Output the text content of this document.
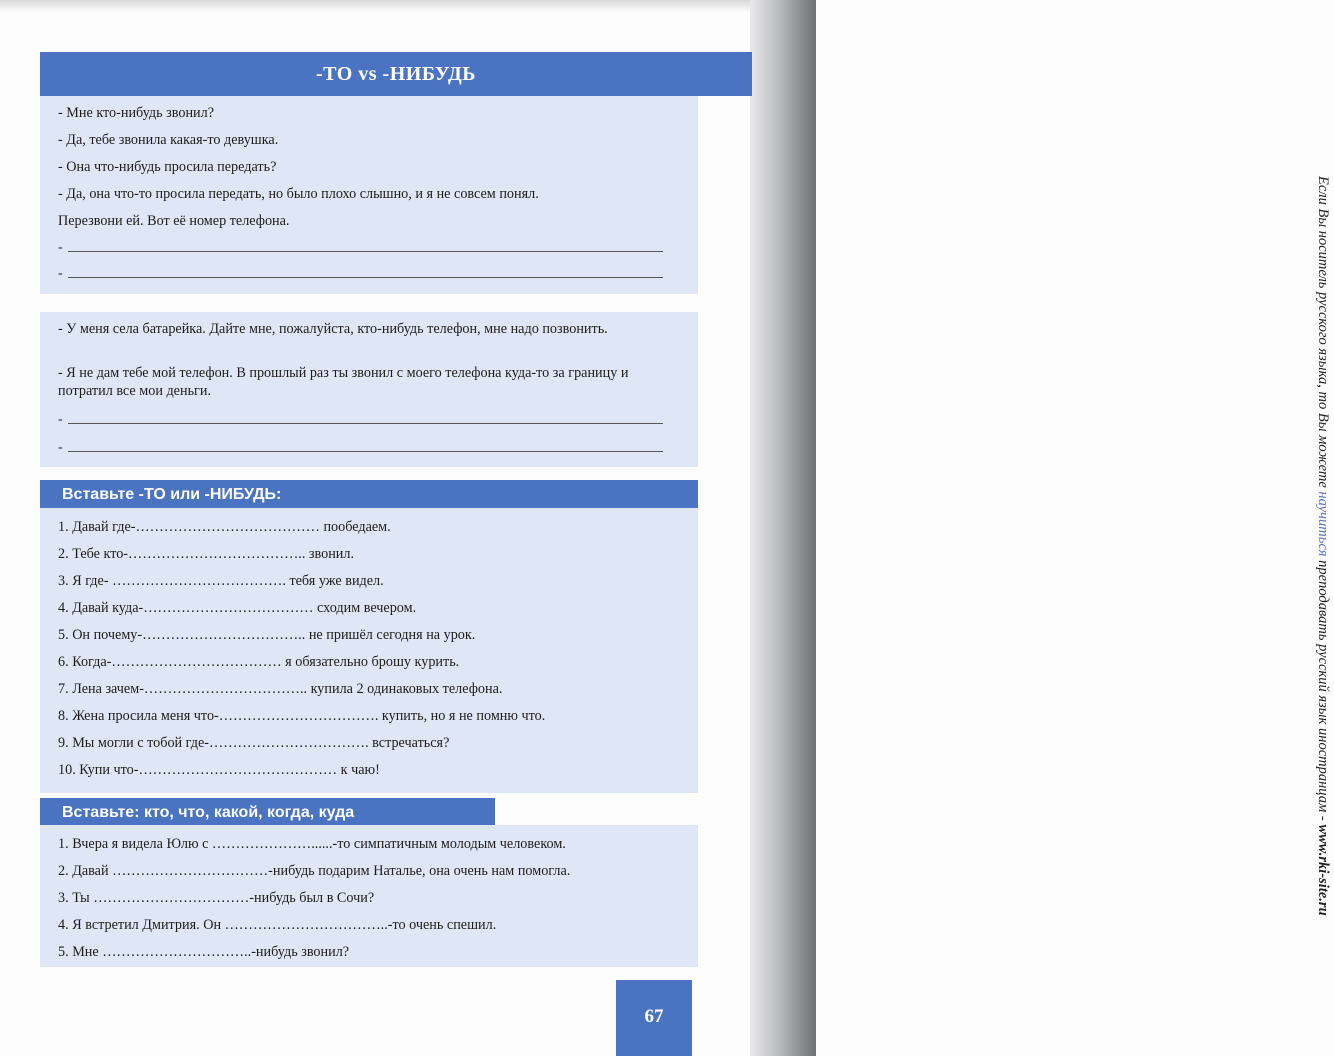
-ТО vs -НИБУДЬ
- Мне кто-нибудь звонил?
- Да, тебе звонила какая-то девушка.
- Она что-нибудь просила передать?
- Да, она что-то просила передать, но было плохо слышно, и я не совсем понял.
Перезвони ей. Вот её номер телефона.
-
-
- У меня села батарейка. Дайте мне, пожалуйста, кто-нибудь телефон, мне надо позвонить.
- Я не дам тебе мой телефон. В прошлый раз ты звонил с моего телефона куда-то за границу и потратил все мои деньги.
-
-
Вставьте -ТО или -НИБУДЬ:
1. Давай где-………………………………… пообедаем.
2. Тебе кто-……………………………….. звонил.
3. Я где- ………………………………. тебя уже видел.
4. Давай куда-……………………………… сходим вечером.
5. Он почему-…………………………….. не пришёл сегодня на урок.
6. Когда-……………………………… я обязательно брошу курить.
7. Лена зачем-…………………………….. купила 2 одинаковых телефона.
8. Жена просила меня что-……………………………. купить, но я не помню что.
9. Мы могли с тобой где-……………………………. встречаться?
10. Купи что-…………………………………… к чаю!
Вставьте: кто, что, какой, когда, куда
1. Вчера я видела Юлю с …………………......-то симпатичным молодым человеком.
2. Давай ……………………………-нибудь подарим Наталье, она очень нам помогла.
3. Ты ……………………………-нибудь был в Сочи?
4. Я встретил Дмитрия. Он ……………………………..-то очень спешил.
5. Мне …………………………..-нибудь звонил?
Если Вы носитель русского языка, то Вы можете научиться преподавать русский язык иностранцам - www.rki-site.ru
67
